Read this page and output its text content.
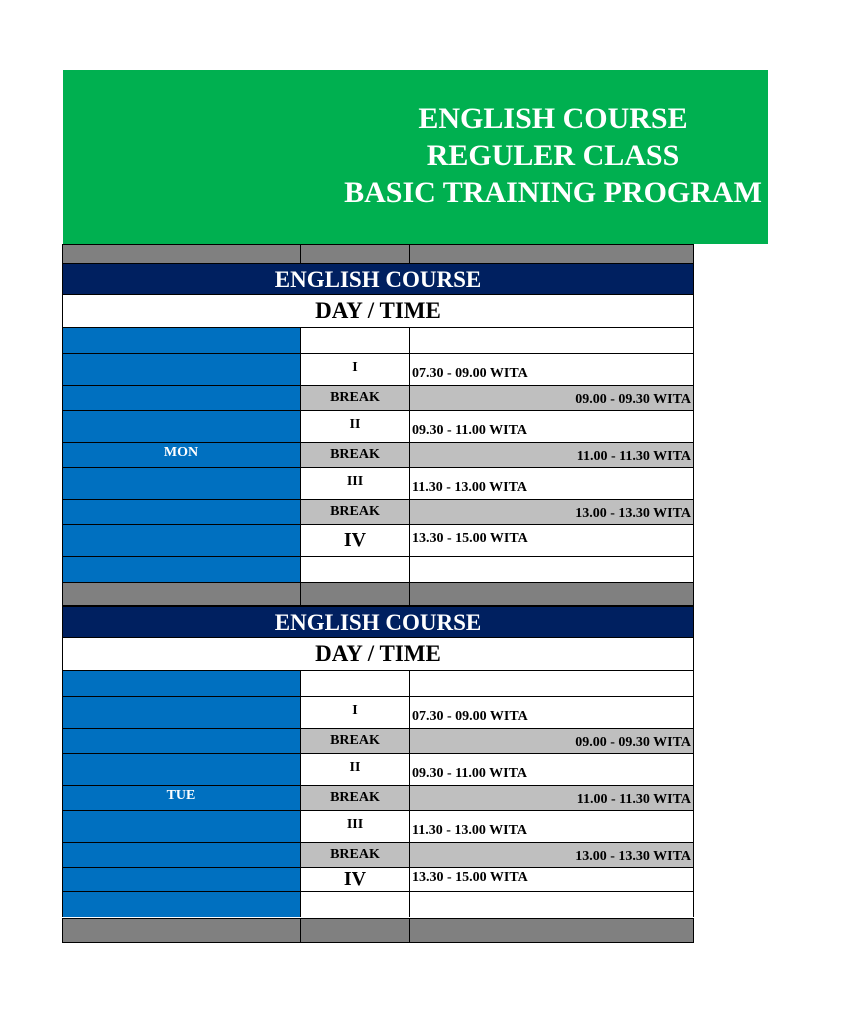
ENGLISH COURSE
REGULER CLASS
BASIC TRAINING PROGRAM
ENGLISH COURSE
DAY / TIME
I	07.30 - 09.00 WITA
BREAK	09.00 - 09.30 WITA
II	09.30 - 11.00 WITA
BREAK	11.00 - 11.30 WITA
III	11.30 - 13.00 WITA
BREAK	13.00 - 13.30 WITA
IV	13.30 - 15.00 WITA
MON
ENGLISH COURSE
DAY / TIME
I	07.30 - 09.00 WITA
BREAK	09.00 - 09.30 WITA
II	09.30 - 11.00 WITA
BREAK	11.00 - 11.30 WITA
III	11.30 - 13.00 WITA
BREAK	13.00 - 13.30 WITA
IV	13.30 - 15.00 WITA
TUE
